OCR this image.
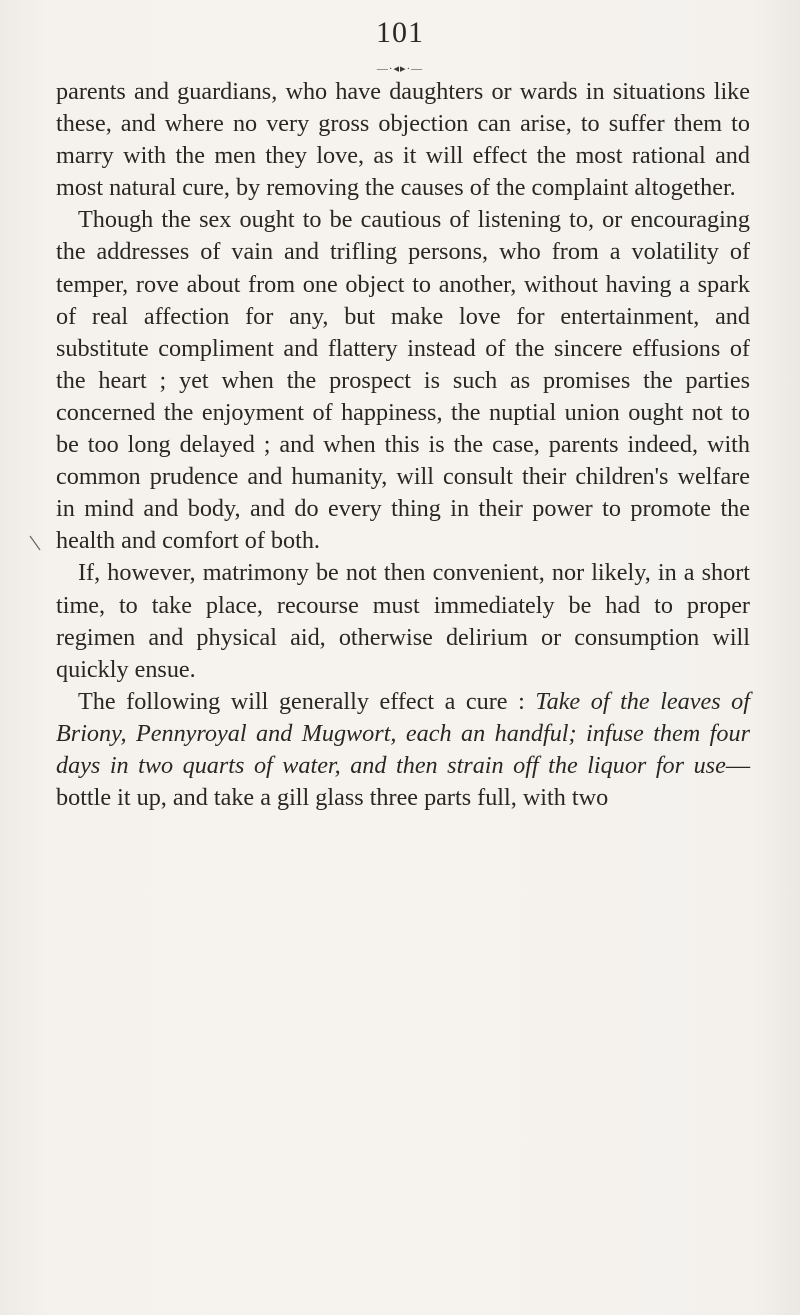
101
—·◂▸·—

parents and guardians, who have daughters or wards in situations like these, and where no very gross objection can arise, to suffer them to marry with the men they love, as it will effect the most rational and most natural cure, by removing the causes of the complaint altogether.

Though the sex ought to be cautious of listening to, or encouraging the addresses of vain and trifling persons, who from a volatility of temper, rove about from one object to another, without having a spark of real affection for any, but make love for entertainment, and substitute compliment and flattery instead of the sincere effusions of the heart ; yet when the prospect is such as promises the parties concerned the enjoyment of happiness, the nuptial union ought not to be too long delayed ; and when this is the case, parents indeed, with common prudence and humanity, will consult their children's welfare in mind and body, and do every thing in their power to promote the health and comfort of both.

If, however, matrimony be not then convenient, nor likely, in a short time, to take place, recourse must immediately be had to proper regimen and physical aid, otherwise delirium or consumption will quickly ensue.

The following will generally effect a cure : Take of the leaves of Briony, Pennyroyal and Mugwort, each an handful; infuse them four days in two quarts of water, and then strain off the liquor for use—bottle it up, and take a gill glass three parts full, with two
